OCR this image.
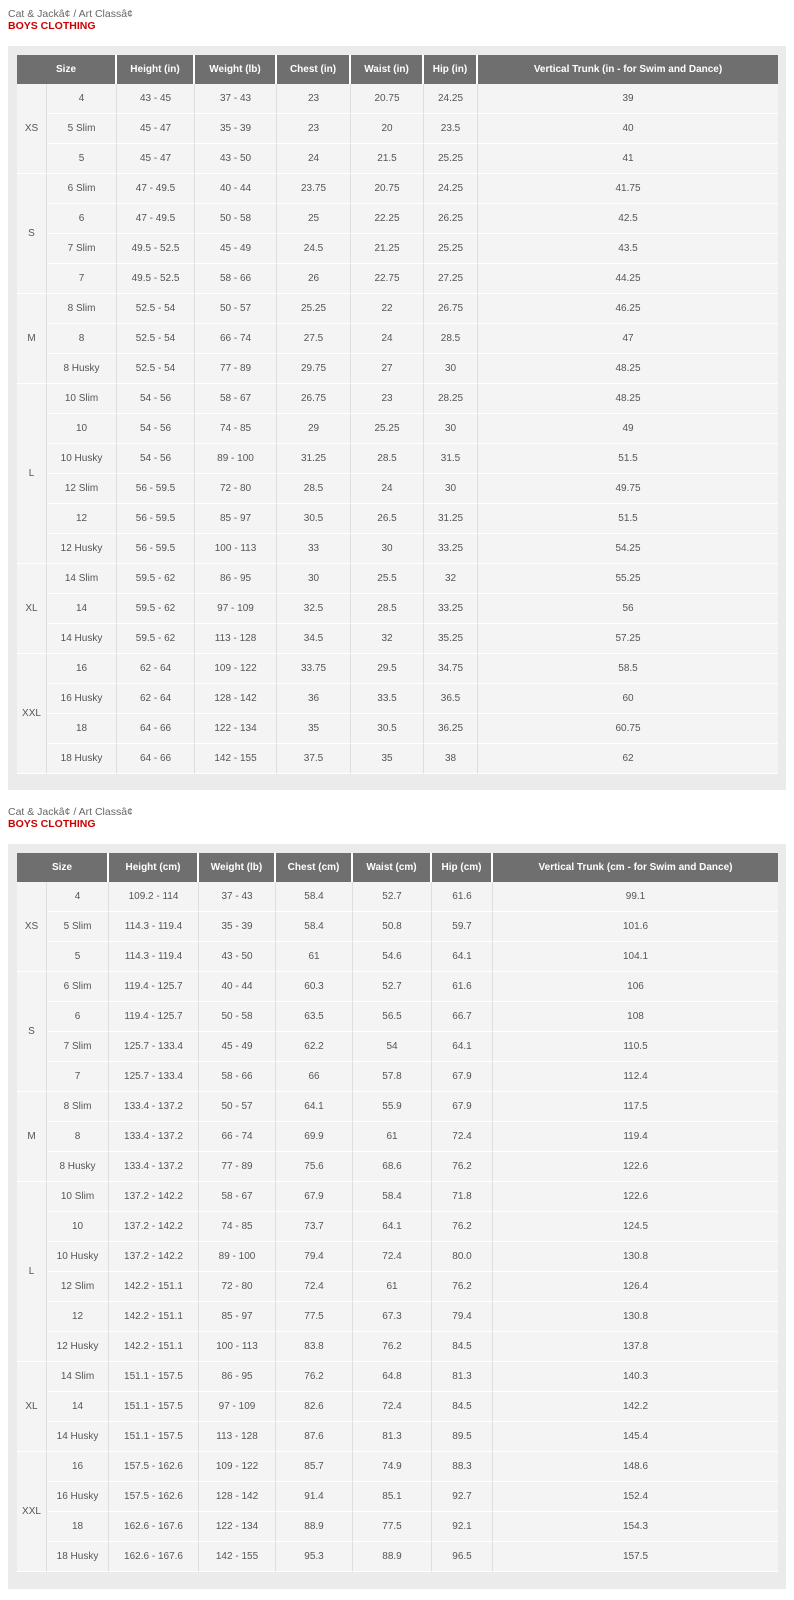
Cat & Jackâ¢ / Art Classâ¢
BOYS CLOTHING
Size		Height (in)	Weight (lb)	Chest (in)	Waist (in)	Hip (in)	Vertical Trunk (in - for Swim and Dance)
XS	4	43 - 45	37 - 43	23	20.75	24.25	39
	5 Slim	45 - 47	35 - 39	23	20	23.5	40
	5	45 - 47	43 - 50	24	21.5	25.25	41
S	6 Slim	47 - 49.5	40 - 44	23.75	20.75	24.25	41.75
	6	47 - 49.5	50 - 58	25	22.25	26.25	42.5
	7 Slim	49.5 - 52.5	45 - 49	24.5	21.25	25.25	43.5
	7	49.5 - 52.5	58 - 66	26	22.75	27.25	44.25
M	8 Slim	52.5 - 54	50 - 57	25.25	22	26.75	46.25
	8	52.5 - 54	66 - 74	27.5	24	28.5	47
	8 Husky	52.5 - 54	77 - 89	29.75	27	30	48.25
L	10 Slim	54 - 56	58 - 67	26.75	23	28.25	48.25
	10	54 - 56	74 - 85	29	25.25	30	49
	10 Husky	54 - 56	89 - 100	31.25	28.5	31.5	51.5
	12 Slim	56 - 59.5	72 - 80	28.5	24	30	49.75
	12	56 - 59.5	85 - 97	30.5	26.5	31.25	51.5
	12 Husky	56 - 59.5	100 - 113	33	30	33.25	54.25
XL	14 Slim	59.5 - 62	86 - 95	30	25.5	32	55.25
	14	59.5 - 62	97 - 109	32.5	28.5	33.25	56
	14 Husky	59.5 - 62	113 - 128	34.5	32	35.25	57.25
XXL	16	62 - 64	109 - 122	33.75	29.5	34.75	58.5
	16 Husky	62 - 64	128 - 142	36	33.5	36.5	60
	18	64 - 66	122 - 134	35	30.5	36.25	60.75
	18 Husky	64 - 66	142 - 155	37.5	35	38	62
Cat & Jackâ¢ / Art Classâ¢
BOYS CLOTHING
Size		Height (cm)	Weight (lb)	Chest (cm)	Waist (cm)	Hip (cm)	Vertical Trunk (cm - for Swim and Dance)
XS	4	109.2 - 114	37 - 43	58.4	52.7	61.6	99.1
	5 Slim	114.3 - 119.4	35 - 39	58.4	50.8	59.7	101.6
	5	114.3 - 119.4	43 - 50	61	54.6	64.1	104.1
S	6 Slim	119.4 - 125.7	40 - 44	60.3	52.7	61.6	106
	6	119.4 - 125.7	50 - 58	63.5	56.5	66.7	108
	7 Slim	125.7 - 133.4	45 - 49	62.2	54	64.1	110.5
	7	125.7 - 133.4	58 - 66	66	57.8	67.9	112.4
M	8 Slim	133.4 - 137.2	50 - 57	64.1	55.9	67.9	117.5
	8	133.4 - 137.2	66 - 74	69.9	61	72.4	119.4
	8 Husky	133.4 - 137.2	77 - 89	75.6	68.6	76.2	122.6
L	10 Slim	137.2 - 142.2	58 - 67	67.9	58.4	71.8	122.6
	10	137.2 - 142.2	74 - 85	73.7	64.1	76.2	124.5
	10 Husky	137.2 - 142.2	89 - 100	79.4	72.4	80.0	130.8
	12 Slim	142.2 - 151.1	72 - 80	72.4	61	76.2	126.4
	12	142.2 - 151.1	85 - 97	77.5	67.3	79.4	130.8
	12 Husky	142.2 - 151.1	100 - 113	83.8	76.2	84.5	137.8
XL	14 Slim	151.1 - 157.5	86 - 95	76.2	64.8	81.3	140.3
	14	151.1 - 157.5	97 - 109	82.6	72.4	84.5	142.2
	14 Husky	151.1 - 157.5	113 - 128	87.6	81.3	89.5	145.4
XXL	16	157.5 - 162.6	109 - 122	85.7	74.9	88.3	148.6
	16 Husky	157.5 - 162.6	128 - 142	91.4	85.1	92.7	152.4
	18	162.6 - 167.6	122 - 134	88.9	77.5	92.1	154.3
	18 Husky	162.6 - 167.6	142 - 155	95.3	88.9	96.5	157.5
